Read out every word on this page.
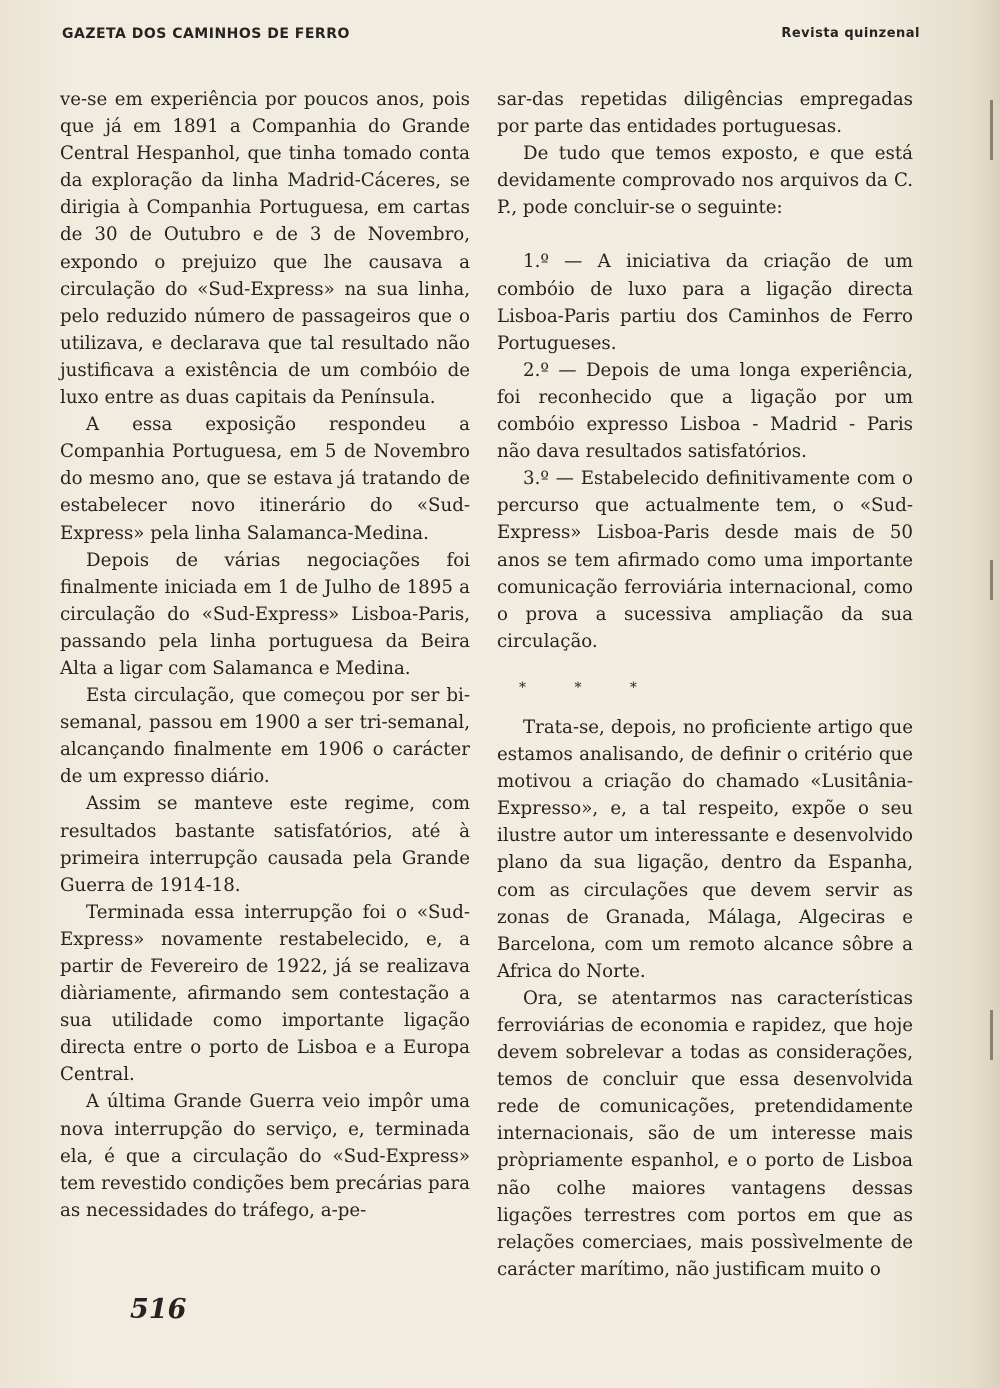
GAZETA DOS CAMINHOS DE FERRO	Revista quinzenal

ve-se em experiência por poucos anos, pois que já em 1891 a Companhia do Grande Central Hespanhol, que tinha tomado conta da exploração da linha Madrid-Cáceres, se dirigia à Companhia Portuguesa, em cartas de 30 de Outubro e de 3 de Novembro, expondo o prejuizo que lhe causava a circulação do «Sud-Express» na sua linha, pelo reduzido número de passageiros que o utilizava, e declarava que tal resultado não justificava a existência de um combóio de luxo entre as duas capitais da Península.

A essa exposição respondeu a Companhia Portuguesa, em 5 de Novembro do mesmo ano, que se estava já tratando de estabelecer novo itinerário do «Sud-Express» pela linha Salamanca-Medina.

Depois de várias negociações foi finalmente iniciada em 1 de Julho de 1895 a circulação do «Sud-Express» Lisboa-Paris, passando pela linha portuguesa da Beira Alta a ligar com Salamanca e Medina.

Esta circulação, que começou por ser bi-semanal, passou em 1900 a ser tri-semanal, alcançando finalmente em 1906 o carácter de um expresso diário.

Assim se manteve este regime, com resultados bastante satisfatórios, até à primeira interrupção causada pela Grande Guerra de 1914-18.

Terminada essa interrupção foi o «Sud-Express» novamente restabelecido, e, a partir de Fevereiro de 1922, já se realizava diàriamente, afirmando sem contestação a sua utilidade como importante ligação directa entre o porto de Lisboa e a Europa Central.

A última Grande Guerra veio impôr uma nova interrupção do serviço, e, terminada ela, é que a circulação do «Sud-Express» tem revestido condições bem precárias para as necessidades do tráfego, a-pe-

sar-das repetidas diligências empregadas por parte das entidades portuguesas.

De tudo que temos exposto, e que está devidamente comprovado nos arquivos da C. P., pode concluir-se o seguinte:

1.º — A iniciativa da criação de um combóio de luxo para a ligação directa Lisboa-Paris partiu dos Caminhos de Ferro Portugueses.

2.º — Depois de uma longa experiência, foi reconhecido que a ligação por um combóio expresso Lisboa - Madrid - Paris não dava resultados satisfatórios.

3.º — Estabelecido definitivamente com o percurso que actualmente tem, o «Sud-Express» Lisboa-Paris desde mais de 50 anos se tem afirmado como uma importante comunicação ferroviária internacional, como o prova a sucessiva ampliação da sua circulação.

* * *

Trata-se, depois, no proficiente artigo que estamos analisando, de definir o critério que motivou a criação do chamado «Lusitânia-Expresso», e, a tal respeito, expõe o seu ilustre autor um interessante e desenvolvido plano da sua ligação, dentro da Espanha, com as circulações que devem servir as zonas de Granada, Málaga, Algeciras e Barcelona, com um remoto alcance sôbre a Africa do Norte.

Ora, se atentarmos nas características ferroviárias de economia e rapidez, que hoje devem sobrelevar a todas as considerações, temos de concluir que essa desenvolvida rede de comunicações, pretendidamente internacionais, são de um interesse mais pròpriamente espanhol, e o porto de Lisboa não colhe maiores vantagens dessas ligações terrestres com portos em que as relações comerciaes, mais possìvelmente de carácter marítimo, não justificam muito o

516
